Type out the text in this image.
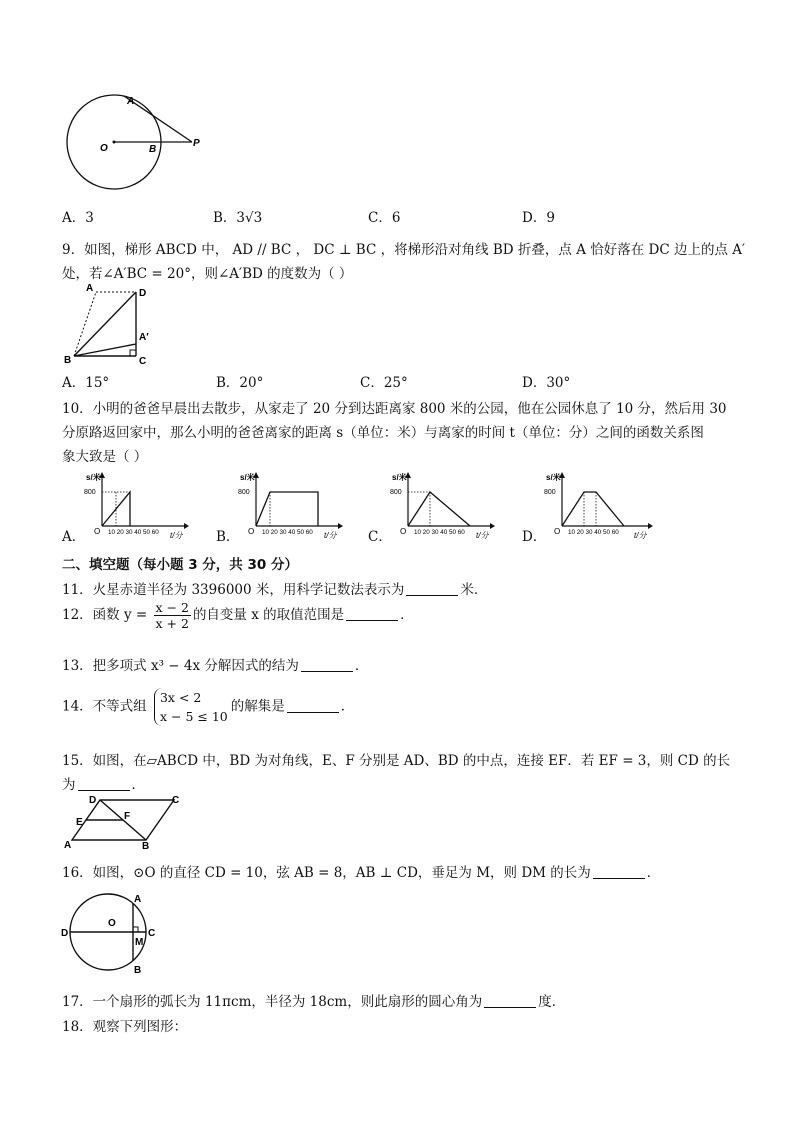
A
O	B
P
A．3	B．3√3	C．6	D．9
9．如图，梯形 ABCD 中， AD // BC ， DC ⊥ BC ，将梯形沿对角线 BD 折叠，点 A 恰好落在 DC 边上的点 A′
处，若∠A′BC = 20°，则∠A′BD 的度数为（ ）
A	D
A′
B	C
A．15°	B．20°	C．25°	D．30°
10．小明的爸爸早晨出去散步，从家走了 20 分到达距离家 800 米的公园，他在公园休息了 10 分，然后用 30
分原路返回家中，那么小明的爸爸离家的距离 s（单位：米）与离家的时间 t（单位：分）之间的函数关系图
象大致是（ ）
A．	B．	C．	D．
s/米
800
O 10 20 30 40 50 60 t/分
s/米
800
O 10 20 30 40 50 60 t/分
s/米
800
O 10 20 30 40 50 60 t/分
s/米
800
O 10 20 30 40 50 60 t/分
二、填空题（每小题 3 分，共 30 分）
11．火星赤道半径为 3396000 米，用科学记数法表示为	米．
12．函数 $y = \frac{x - 2}{x + 2}$ 的自变量 x 的取值范围是	．
13．把多项式 x³ − 4x 分解因式的结为	．
14．不等式组 3x < 2
x − 5 ≤ 10的解集是	．
15．如图，在▱ABCD 中，BD 为对角线，E、F 分别是 AD、BD 的中点，连接 EF．若 EF = 3，则 CD 的长
为	．
D	C
E
F
A	B
16．如图，⊙O 的直径 CD = 10，弦 AB = 8，AB ⊥ CD，垂足为 M，则 DM 的长为	．
A
O
D
M
C
B
17．一个扇形的弧长为 11πcm，半径为 18cm，则此扇形的圆心角为	度．
18．观察下列图形：
